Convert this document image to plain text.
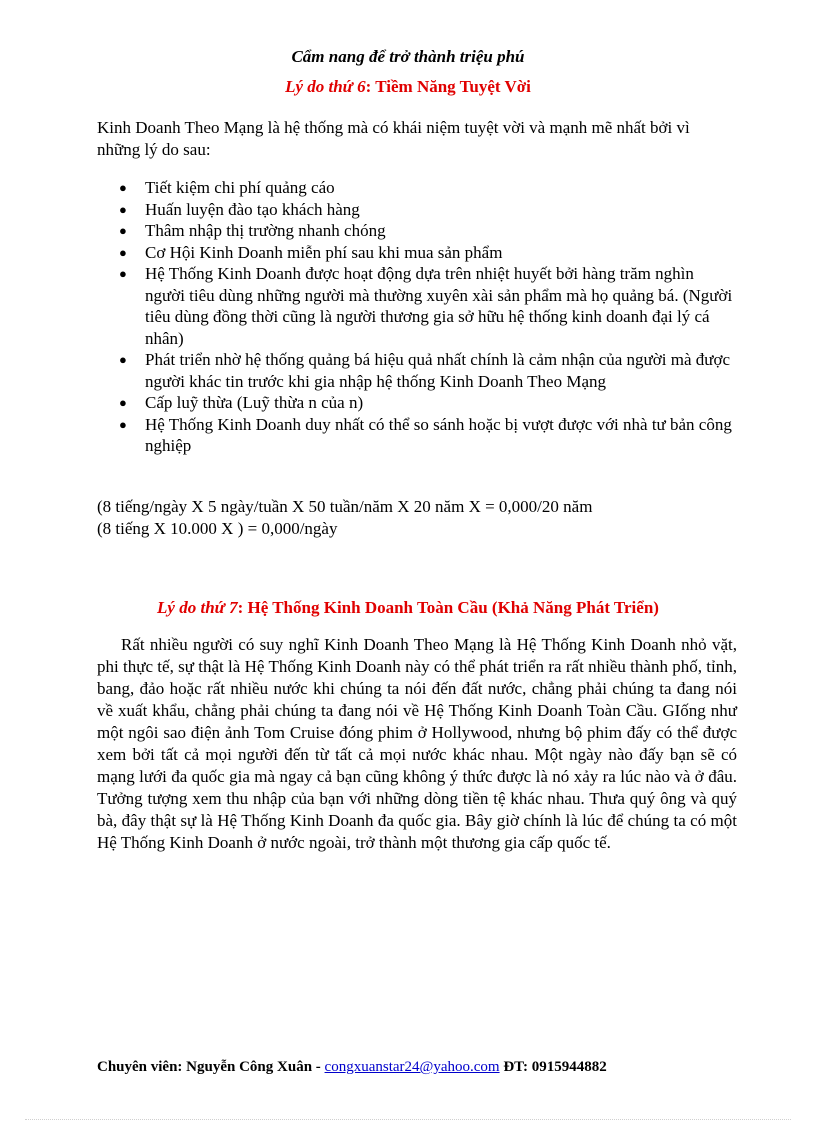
Cẩm nang để trở thành triệu phú
Lý do thứ 6: Tiềm Năng Tuyệt Vời
Kinh Doanh Theo Mạng là hệ thống mà có khái niệm tuyệt vời và mạnh mẽ nhất bởi vì những lý do sau:
● Tiết kiệm chi phí quảng cáo
● Huấn luyện đào tạo khách hàng
● Thâm nhập thị trường nhanh chóng
● Cơ Hội Kinh Doanh miễn phí sau khi mua sản phẩm
● Hệ Thống Kinh Doanh được hoạt động dựa trên nhiệt huyết bởi hàng trăm nghìn người tiêu dùng những người mà thường xuyên xài sản phẩm mà họ quảng bá. (Người tiêu dùng đồng thời cũng là người thương gia sở hữu hệ thống kinh doanh đại lý cá nhân)
● Phát triển nhờ hệ thống quảng bá hiệu quả nhất chính là cảm nhận của người mà được người khác tin trước khi gia nhập hệ thống Kinh Doanh Theo Mạng
● Cấp luỹ thừa (Luỹ thừa n của n)
● Hệ Thống Kinh Doanh duy nhất có thể so sánh hoặc bị vượt được với nhà tư bản công nghiệp
(8 tiếng/ngày X 5 ngày/tuần X 50 tuần/năm X 20 năm X = 0,000/20 năm
(8 tiếng X 10.000 X ) = 0,000/ngày
Lý do thứ 7: Hệ Thống Kinh Doanh Toàn Cầu (Khả Năng Phát Triển)
Rất nhiều người có suy nghĩ Kinh Doanh Theo Mạng là Hệ Thống Kinh Doanh nhỏ vặt, phi thực tế, sự thật là Hệ Thống Kinh Doanh này có thể phát triển ra rất nhiều thành phố, tỉnh, bang, đảo hoặc rất nhiều nước khi chúng ta nói đến đất nước, chẳng phải chúng ta đang nói về xuất khẩu, chẳng phải chúng ta đang nói về Hệ Thống Kinh Doanh Toàn Cầu. GIống như một ngôi sao điện ảnh Tom Cruise đóng phim ở Hollywood, nhưng bộ phim đấy có thể được xem bởi tất cả mọi người đến từ tất cả mọi nước khác nhau. Một ngày nào đấy bạn sẽ có mạng lưới đa quốc gia mà ngay cả bạn cũng không ý thức được là nó xảy ra lúc nào và ở đâu. Tưởng tượng xem thu nhập của bạn với những dòng tiền tệ khác nhau. Thưa quý ông và quý bà, đây thật sự là Hệ Thống Kinh Doanh đa quốc gia. Bây giờ chính là lúc để chúng ta có một Hệ Thống Kinh Doanh ở nước ngoài, trở thành một thương gia cấp quốc tế.
Chuyên viên: Nguyễn Công Xuân - congxuanstar24@yahoo.com ĐT: 0915944882
